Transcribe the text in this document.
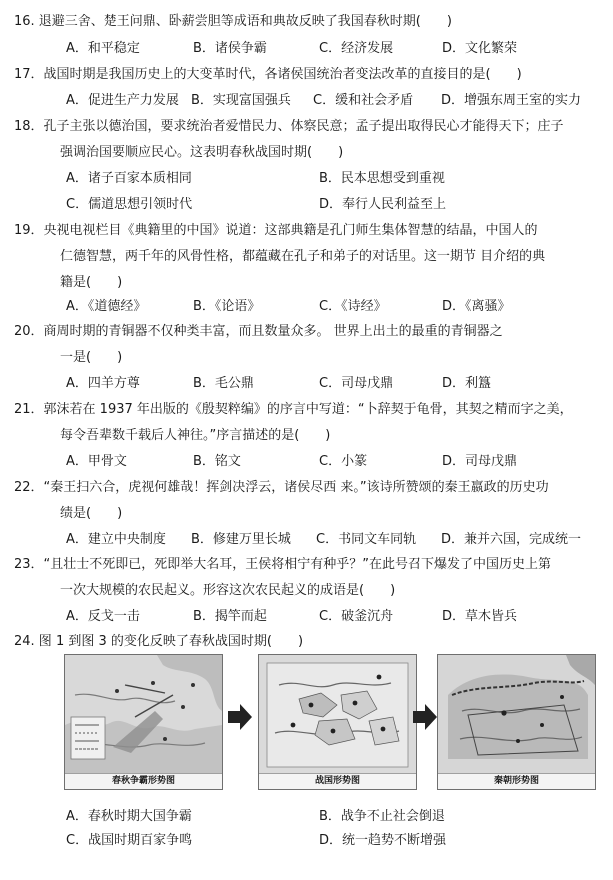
16. 退避三舍、楚王问鼎、卧薪尝胆等成语和典故反映了我国春秋时期(　　)
A．和平稳定	B．诸侯争霸	C．经济发展	D．文化繁荣
17．战国时期是我国历史上的大变革时代，各诸侯国统治者变法改革的直接目的是(　　)
A．促进生产力发展 B．实现富国强兵 C．缓和社会矛盾 D．增强东周王室的实力
18．孔子主张以德治国，要求统治者爱惜民力、体察民意；孟子提出取得民心才能得天下；庄子
强调治国要顺应民心。这表明春秋战国时期(　　)
A．诸子百家本质相同	B．民本思想受到重视
C．儒道思想引领时代	D．奉行人民利益至上
19．央视电视栏目《典籍里的中国》说道：这部典籍是孔门师生集体智慧的结晶，中国人的
仁德智慧，两千年的风骨性格，都蕴藏在孔子和弟子的对话里。这一期节 目介绍的典
籍是(　　)
A．《道德经》	B．《论语》	C．《诗经》	D．《离骚》
20．商周时期的青铜器不仅种类丰富，而且数量众多。 世界上出土的最重的青铜器之
一是(　　)
A．四羊方尊	B．毛公鼎	C．司母戊鼎	D．利簋
21．郭沫若在 1937 年出版的《殷契粹编》的序言中写道：“卜辞契于龟骨，其契之精而字之美，
每令吾辈数千载后人神往。”序言描述的是(　　)
A．甲骨文	B．铭文	C．小篆	D．司母戊鼎
22．“秦王扫六合，虎视何雄哉！挥剑决浮云，诸侯尽西 来。”该诗所赞颂的秦王嬴政的历史功
绩是(　　)
A．建立中央制度 B．修建万里长城 C．书同文车同轨 D．兼并六国，完成统一
23．“且壮士不死即已，死即举大名耳，王侯将相宁有种乎？”在此号召下爆发了中国历史上第
一次大规模的农民起义。形容这次农民起义的成语是(　　)
A．反戈一击	B．揭竿而起	C．破釜沉舟	D．草木皆兵
24. 图 1 到图 3 的变化反映了春秋战国时期(　　)
春秋争霸形势图	战国形势图	秦朝形势图
A．春秋时期大国争霸	B．战争不止社会倒退
C．战国时期百家争鸣	D．统一趋势不断增强
